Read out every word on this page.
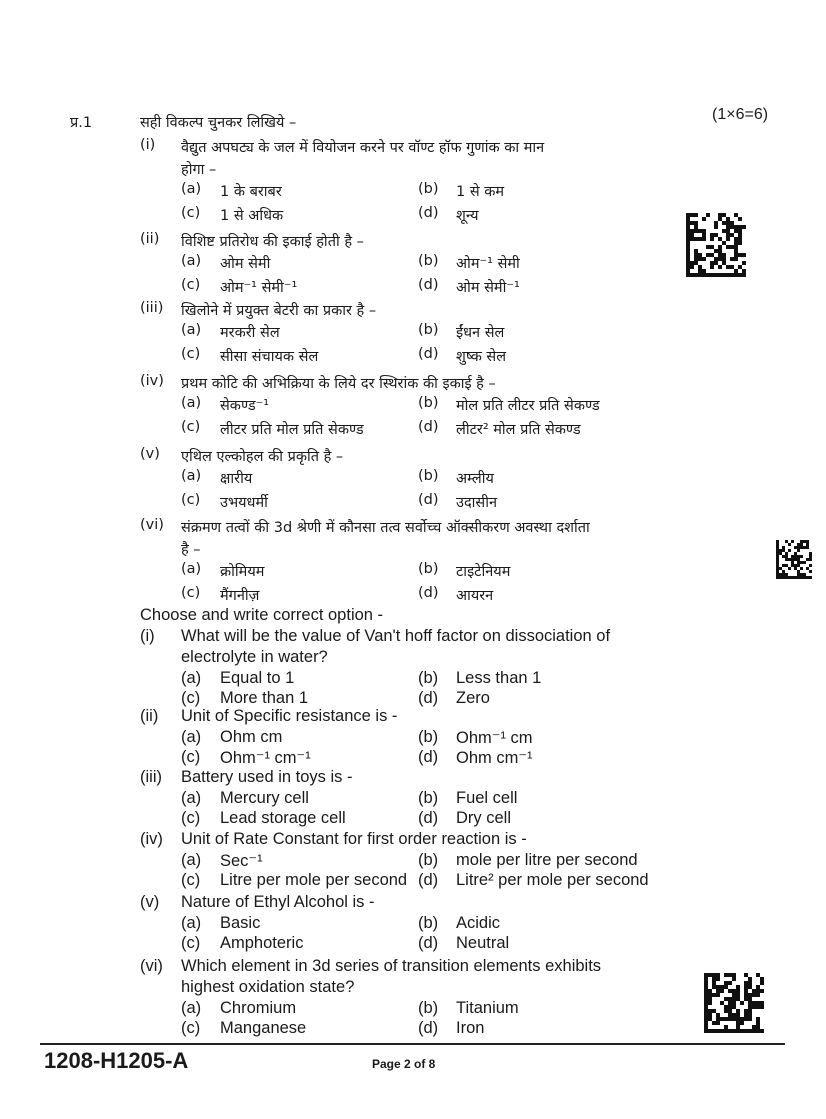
प्र.1	सही विकल्प चुनकर लिखिये –	(1×6=6)
(i) वैद्युत अपघट्य के जल में वियोजन करने पर वॉण्ट हॉफ गुणांक का मान
होगा –
(a) 1 के बराबर	(b) 1 से कम
(c) 1 से अधिक	(d) शून्य
(ii) विशिष्ट प्रतिरोध की इकाई होती है –
(a) ओम सेमी	(b) ओम⁻¹ सेमी
(c) ओम⁻¹ सेमी⁻¹	(d) ओम सेमी⁻¹
(iii) खिलोने में प्रयुक्त बेटरी का प्रकार है –
(a) मरकरी सेल	(b) ईंधन सेल
(c) सीसा संचायक सेल	(d) शुष्क सेल
(iv) प्रथम कोटि की अभिक्रिया के लिये दर स्थिरांक की इकाई है –
(a) सेकण्ड⁻¹	(b) मोल प्रति लीटर प्रति सेकण्ड
(c) लीटर प्रति मोल प्रति सेकण्ड	(d) लीटर² मोल प्रति सेकण्ड
(v) एथिल एल्कोहल की प्रकृति है –
(a) क्षारीय	(b) अम्लीय
(c) उभयधर्मी	(d) उदासीन
(vi) संक्रमण तत्वों की 3d श्रेणी में कौनसा तत्व सर्वोच्च ऑक्सीकरण अवस्था दर्शाता
है –
(a) क्रोमियम	(b) टाइटेनियम
(c) मैंगनीज़	(d) आयरन
Choose and write correct option -
(i) What will be the value of Van't hoff factor on dissociation of
electrolyte in water?
(a) Equal to 1	(b) Less than 1
(c) More than 1	(d) Zero
(ii) Unit of Specific resistance is -
(a) Ohm cm	(b) Ohm⁻¹ cm
(c) Ohm⁻¹ cm⁻¹	(d) Ohm cm⁻¹
(iii) Battery used in toys is -
(a) Mercury cell	(b) Fuel cell
(c) Lead storage cell	(d) Dry cell
(iv) Unit of Rate Constant for first order reaction is -
(a) Sec⁻¹	(b) mole per litre per second
(c) Litre per mole per second (d) Litre² per mole per second
(v) Nature of Ethyl Alcohol is -
(a) Basic	(b) Acidic
(c) Amphoteric	(d) Neutral
(vi) Which element in 3d series of transition elements exhibits
highest oxidation state?
(a) Chromium	(b) Titanium
(c) Manganese	(d) Iron
1208-H1205-A	Page 2 of 8
